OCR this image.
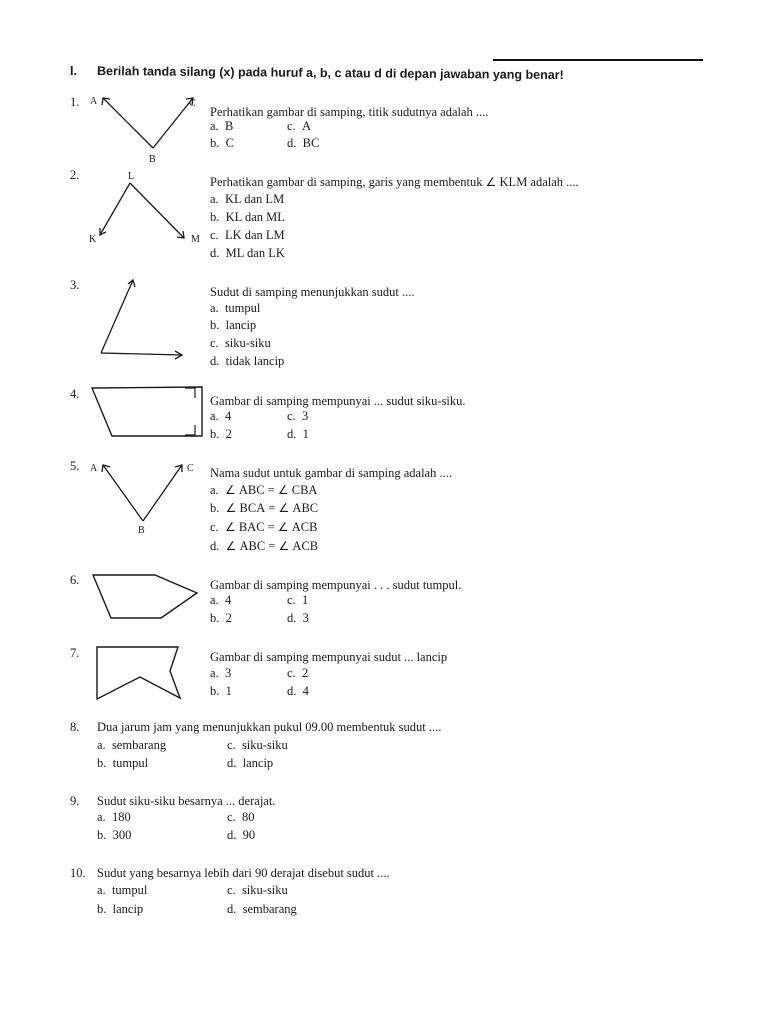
I. Berilah tanda silang (x) pada huruf a, b, c atau d di depan jawaban yang benar!
1. A
B
C
Perhatikan gambar di samping, titik sudutnya adalah ....
a. B	c. A
b. C	d. BC
2.	L
K	M
Perhatikan gambar di samping, garis yang membentuk ∠ KLM adalah ....
a. KL dan LM
b. KL dan ML
c. LK dan LM
d. ML dan LK
3.	Sudut di samping menunjukkan sudut ....
a. tumpul
b. lancip
c. siku-siku
d. tidak lancip
4.	Gambar di samping mempunyai ... sudut siku-siku.
a. 4	c. 3
b. 2	d. 1
5. A
B
C Nama sudut untuk gambar di samping adalah ....
a. ∠ ABC = ∠ CBA
b. ∠ BCA = ∠ ABC
c. ∠ BAC = ∠ ACB
d. ∠ ABC = ∠ ACB
6.	Gambar di samping mempunyai . . . sudut tumpul.
a. 4	c. 1
b. 2	d. 3
7.	Gambar di samping mempunyai sudut ... lancip
a. 3	c. 2
b. 1	d. 4
8. Dua jarum jam yang menunjukkan pukul 09.00 membentuk sudut ....
a. sembarang	c. siku-siku
b. tumpul	d. lancip
9. Sudut siku-siku besarnya ... derajat.
a. 180	c. 80
b. 300	d. 90
10. Sudut yang besarnya lebih dari 90 derajat disebut sudut ....
a. tumpul	c. siku-siku
b. lancip	d. sembarang
